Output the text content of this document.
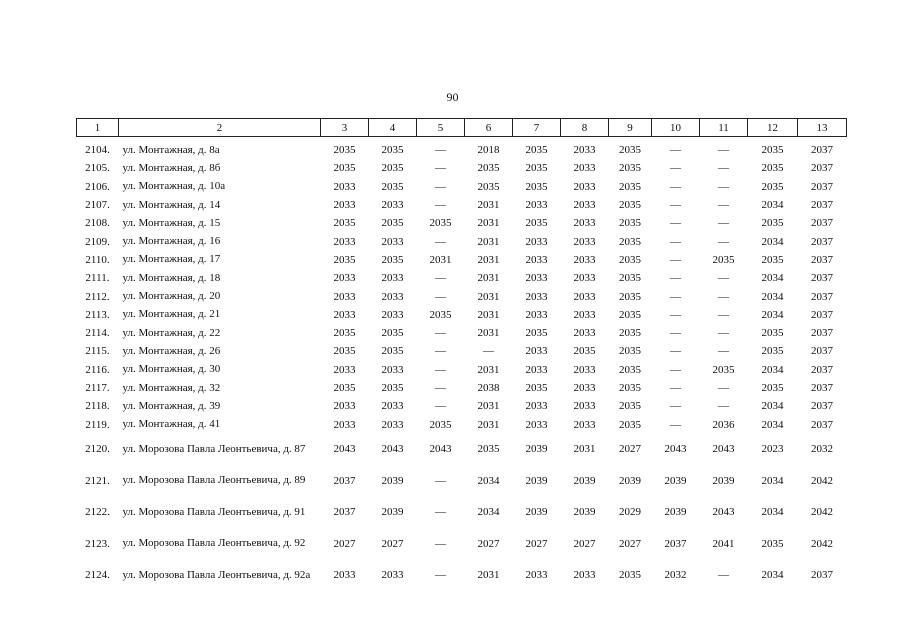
90
1	2	3	4	5	6	7	8	9	10	11	12	13
2104.	ул. Монтажная, д. 8а	2035	2035	—	2018	2035	2033	2035	—	—	2035	2037
2105.	ул. Монтажная, д. 8б	2035	2035	—	2035	2035	2033	2035	—	—	2035	2037
2106.	ул. Монтажная, д. 10а	2033	2035	—	2035	2035	2033	2035	—	—	2035	2037
2107.	ул. Монтажная, д. 14	2033	2033	—	2031	2033	2033	2035	—	—	2034	2037
2108.	ул. Монтажная, д. 15	2035	2035	2035	2031	2035	2033	2035	—	—	2035	2037
2109.	ул. Монтажная, д. 16	2033	2033	—	2031	2033	2033	2035	—	—	2034	2037
2110.	ул. Монтажная, д. 17	2035	2035	2031	2031	2033	2033	2035	—	2035	2035	2037
2111.	ул. Монтажная, д. 18	2033	2033	—	2031	2033	2033	2035	—	—	2034	2037
2112.	ул. Монтажная, д. 20	2033	2033	—	2031	2033	2033	2035	—	—	2034	2037
2113.	ул. Монтажная, д. 21	2033	2033	2035	2031	2033	2033	2035	—	—	2034	2037
2114.	ул. Монтажная, д. 22	2035	2035	—	2031	2035	2033	2035	—	—	2035	2037
2115.	ул. Монтажная, д. 26	2035	2035	—	—	2033	2035	2035	—	—	2035	2037
2116.	ул. Монтажная, д. 30	2033	2033	—	2031	2033	2033	2035	—	2035	2034	2037
2117.	ул. Монтажная, д. 32	2035	2035	—	2038	2035	2033	2035	—	—	2035	2037
2118.	ул. Монтажная, д. 39	2033	2033	—	2031	2033	2033	2035	—	—	2034	2037
2119.	ул. Монтажная, д. 41	2033	2033	2035	2031	2033	2033	2035	—	2036	2034	2037
2120.	ул. Морозова Павла Леонтьевича, д. 87	2043	2043	2043	2035	2039	2031	2027	2043	2043	2023	2032
2121.	ул. Морозова Павла Леонтьевича, д. 89	2037	2039	—	2034	2039	2039	2039	2039	2039	2034	2042
2122.	ул. Морозова Павла Леонтьевича, д. 91	2037	2039	—	2034	2039	2039	2029	2039	2043	2034	2042
2123.	ул. Морозова Павла Леонтьевича, д. 92	2027	2027	—	2027	2027	2027	2027	2037	2041	2035	2042
2124.	ул. Морозова Павла Леонтьевича, д. 92а	2033	2033	—	2031	2033	2033	2035	2032	—	2034	2037
